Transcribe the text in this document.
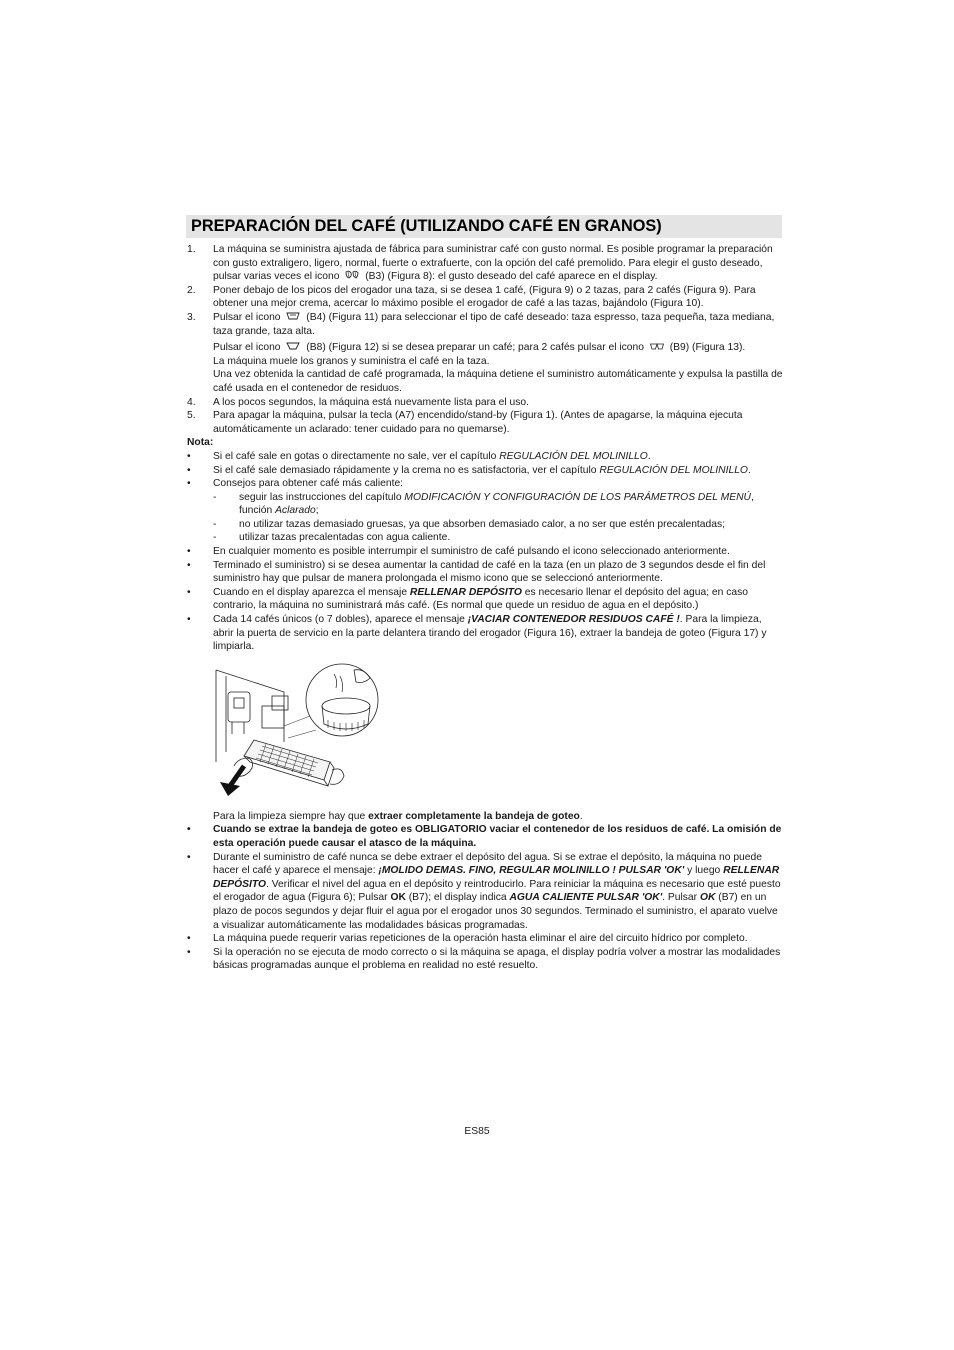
PREPARACIÓN DEL CAFÉ (UTILIZANDO CAFÉ EN GRANOS)
1. La máquina se suministra ajustada de fábrica para suministrar café con gusto normal. Es posible programar la preparación con gusto extraligero, ligero, normal, fuerte o extrafuerte, con la opción del café premolido. Para elegir el gusto deseado, pulsar varias veces el icono	(B3) (Figura 8): el gusto deseado del café aparece en el display.
2. Poner debajo de los picos del erogador una taza, si se desea 1 café, (Figura 9) o 2 tazas, para 2 cafés (Figura 9). Para obtener una mejor crema, acercar lo máximo posible el erogador de café a las tazas, bajándolo (Figura 10).
3. Pulsar el icono	(B4) (Figura 11) para seleccionar el tipo de café deseado: taza espresso, taza pequeña, taza mediana, taza grande, taza alta.
Pulsar el icono	(B8) (Figura 12) si se desea preparar un café; para 2 cafés pulsar el icono	(B9) (Figura 13).
La máquina muele los granos y suministra el café en la taza.
Una vez obtenida la cantidad de café programada, la máquina detiene el suministro automáticamente y expulsa la pastilla de café usada en el contenedor de residuos.
4. A los pocos segundos, la máquina está nuevamente lista para el uso.
5. Para apagar la máquina, pulsar la tecla (A7) encendido/stand-by (Figura 1). (Antes de apagarse, la máquina ejecuta automáticamente un aclarado: tener cuidado para no quemarse).
Nota:
• Si el café sale en gotas o directamente no sale, ver el capítulo REGULACIÓN DEL MOLINILLO.
• Si el café sale demasiado rápidamente y la crema no es satisfactoria, ver el capítulo REGULACIÓN DEL MOLINILLO.
• Consejos para obtener café más caliente:
- seguir las instrucciones del capítulo MODIFICACIÓN Y CONFIGURACIÓN DE LOS PARÁMETROS DEL MENÚ, función Aclarado;
- no utilizar tazas demasiado gruesas, ya que absorben demasiado calor, a no ser que estén precalentadas;
- utilizar tazas precalentadas con agua caliente.
• En cualquier momento es posible interrumpir el suministro de café pulsando el icono seleccionado anteriormente.
• Terminado el suministro) si se desea aumentar la cantidad de café en la taza (en un plazo de 3 segundos desde el fin del suministro hay que pulsar de manera prolongada el mismo icono que se seleccionó anteriormente.
• Cuando en el display aparezca el mensaje RELLENAR DEPÓSITO es necesario llenar el depósito del agua; en caso contrario, la máquina no suministrará más café. (Es normal que quede un residuo de agua en el depósito.)
• Cada 14 cafés únicos (o 7 dobles), aparece el mensaje ¡VACIAR CONTENEDOR RESIDUOS CAFÉ !. Para la limpieza, abrir la puerta de servicio en la parte delantera tirando del erogador (Figura 16), extraer la bandeja de goteo (Figura 17) y limpiarla.
Para la limpieza siempre hay que extraer completamente la bandeja de goteo.
• Cuando se extrae la bandeja de goteo es OBLIGATORIO vaciar el contenedor de los residuos de café. La omisión de esta operación puede causar el atasco de la máquina.
• Durante el suministro de café nunca se debe extraer el depósito del agua. Si se extrae el depósito, la máquina no puede hacer el café y aparece el mensaje: ¡MOLIDO DEMAS. FINO, REGULAR MOLINILLO ! PULSAR 'OK' y luego RELLENAR DEPÓSITO. Verificar el nivel del agua en el depósito y reintroducirlo. Para reiniciar la máquina es necesario que esté puesto el erogador de agua (Figura 6); Pulsar OK (B7); el display indica AGUA CALIENTE PULSAR 'OK'. Pulsar OK (B7) en un plazo de pocos segundos y dejar fluir el agua por el erogador unos 30 segundos. Terminado el suministro, el aparato vuelve a visualizar automáticamente las modalidades básicas programadas.
• La máquina puede requerir varias repeticiones de la operación hasta eliminar el aire del circuito hídrico por completo.
• Si la operación no se ejecuta de modo correcto o si la máquina se apaga, el display podría volver a mostrar las modalidades básicas programadas aunque el problema en realidad no esté resuelto.
ES85
